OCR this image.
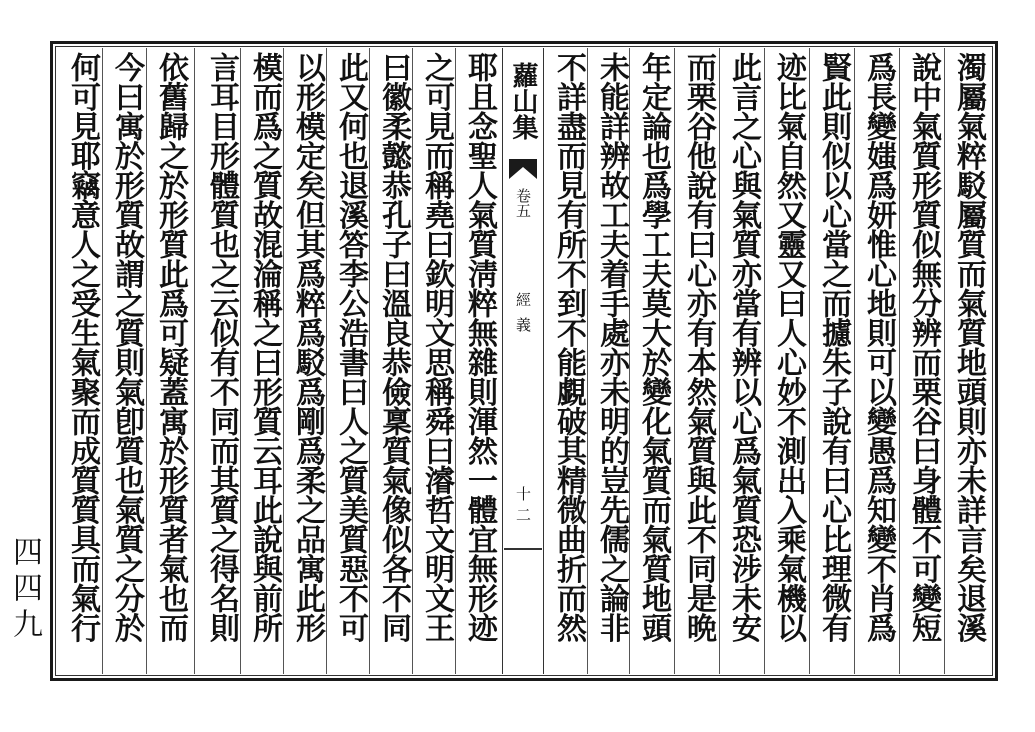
蘿山集
卷五
經義
十二	濁屬氣粹駁屬質而氣質地頭則亦未詳言矣退溪
說中氣質形質似無分辨而栗谷曰身體不可變短
爲長變媸爲妍惟心地則可以變愚爲知變不肖爲
賢此則似以心當之而攄朱子說有曰心比理微有
迹比氣自然又靈又曰人心妙不測出入乘氣機以
此言之心與氣質亦當有辨以心爲氣質恐涉未安
而栗谷他說有曰心亦有本然氣質與此不同是晩
年定論也爲學工夫莫大於變化氣質而氣質地頭
未能詳辨故工夫着手處亦未明的豈先儒之論非
不詳盡而見有所不到不能覷破其精微曲折而然
耶且念聖人氣質淸粹無雜則渾然一體宜無形迹
之可見而稱堯曰欽明文思稱舜曰濬哲文明文王
曰徽柔懿恭孔子曰溫良恭儉稟質氣像似各不同
此又何也退溪答李公浩書曰人之質美質惡不可
以形模定矣但其爲粹爲駁爲剛爲柔之品寓此形
模而爲之質故混淪稱之曰形質云耳此說與前所
言耳目形體質也之云似有不同而其質之得名則
依舊歸之於形質此爲可疑蓋寓於形質者氣也而
今曰寓於形質故謂之質則氣卽質也氣質之分於
何可見耶竊意人之受生氣聚而成質質具而氣行
四四九
